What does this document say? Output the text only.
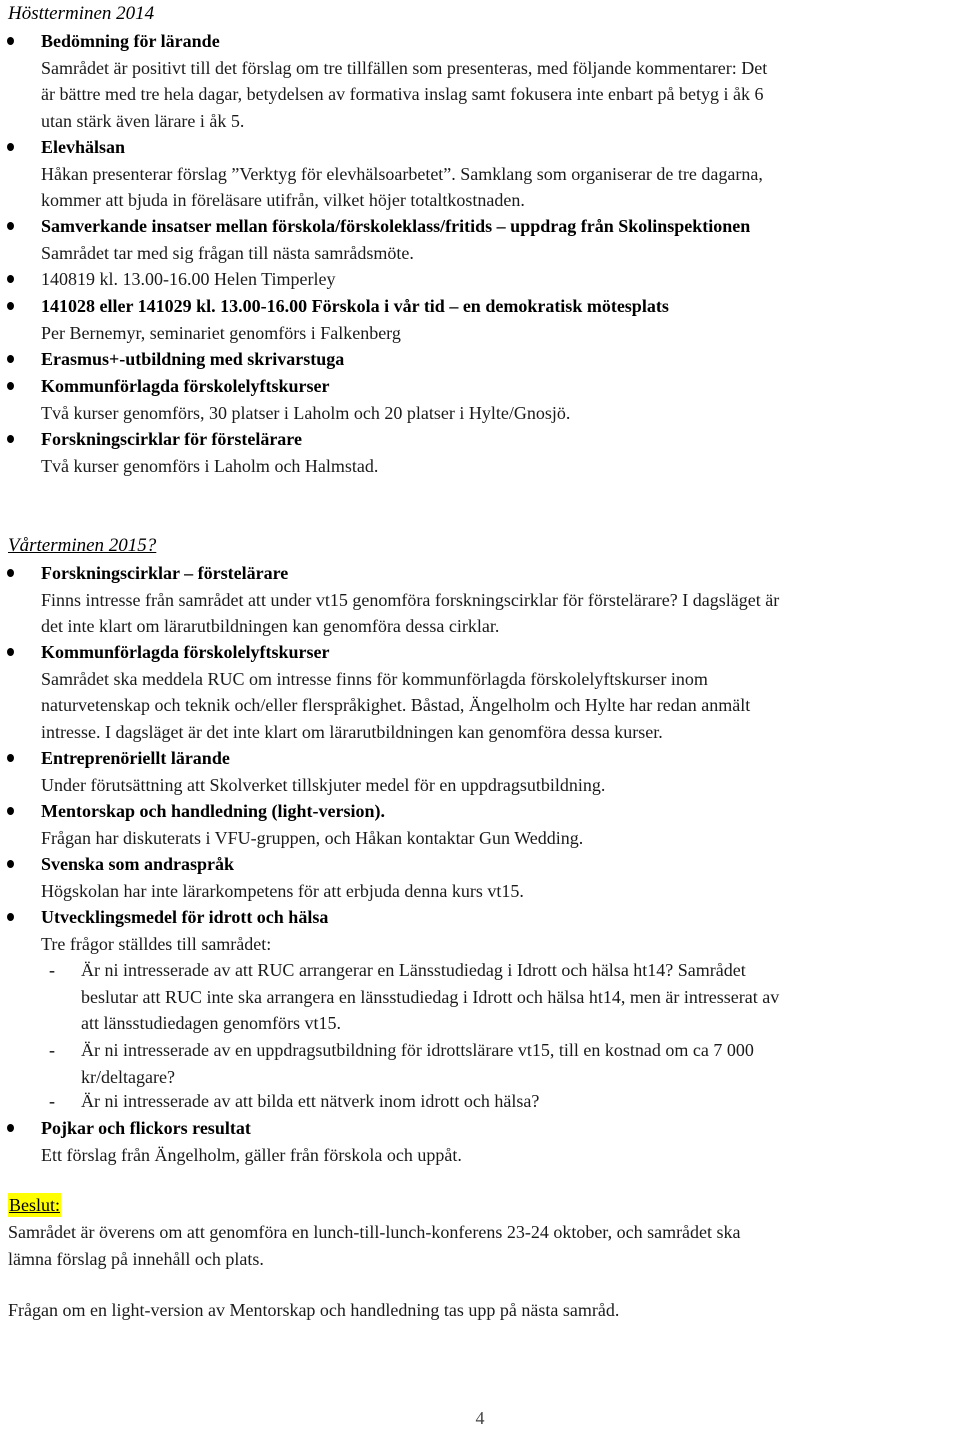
Höstterminen 2014
Bedömning för lärande
Samrådet är positivt till det förslag om tre tillfällen som presenteras, med följande kommentarer: Det
är bättre med tre hela dagar, betydelsen av formativa inslag samt fokusera inte enbart på betyg i åk 6
utan stärk även lärare i åk 5.
Elevhälsan
Håkan presenterar förslag ”Verktyg för elevhälsoarbetet”. Samklang som organiserar de tre dagarna,
kommer att bjuda in föreläsare utifrån, vilket höjer totaltkostnaden.
Samverkande insatser mellan förskola/förskoleklass/fritids – uppdrag från Skolinspektionen
Samrådet tar med sig frågan till nästa samrådsmöte.
140819 kl. 13.00-16.00 Helen Timperley
141028 eller 141029 kl. 13.00-16.00 Förskola i vår tid – en demokratisk mötesplats
Per Bernemyr, seminariet genomförs i Falkenberg
Erasmus+-utbildning med skrivarstuga
Kommunförlagda förskolelyftskurser
Två kurser genomförs, 30 platser i Laholm och 20 platser i Hylte/Gnosjö.
Forskningscirklar för förstelärare
Två kurser genomförs i Laholm och Halmstad.
Vårterminen 2015?
Forskningscirklar – förstelärare
Finns intresse från samrådet att under vt15 genomföra forskningscirklar för förstelärare? I dagsläget är
det inte klart om lärarutbildningen kan genomföra dessa cirklar.
Kommunförlagda förskolelyftskurser
Samrådet ska meddela RUC om intresse finns för kommunförlagda förskolelyftskurser inom
naturvetenskap och teknik och/eller flerspråkighet. Båstad, Ängelholm och Hylte har redan anmält
intresse. I dagsläget är det inte klart om lärarutbildningen kan genomföra dessa kurser.
Entreprenöriellt lärande
Under förutsättning att Skolverket tillskjuter medel för en uppdragsutbildning.
Mentorskap och handledning (light-version).
Frågan har diskuterats i VFU-gruppen, och Håkan kontaktar Gun Wedding.
Svenska som andraspråk
Högskolan har inte lärarkompetens för att erbjuda denna kurs vt15.
Utvecklingsmedel för idrott och hälsa
Tre frågor ställdes till samrådet:
- Är ni intresserade av att RUC arrangerar en Länsstudiedag i Idrott och hälsa ht14? Samrådet
beslutar att RUC inte ska arrangera en länsstudiedag i Idrott och hälsa ht14, men är intresserat av
att länsstudiedagen genomförs vt15.
- Är ni intresserade av en uppdragsutbildning för idrottslärare vt15, till en kostnad om ca 7 000
kr/deltagare?
- Är ni intresserade av att bilda ett nätverk inom idrott och hälsa?
Pojkar och flickors resultat
Ett förslag från Ängelholm, gäller från förskola och uppåt.
Beslut:
Samrådet är överens om att genomföra en lunch-till-lunch-konferens 23-24 oktober, och samrådet ska
lämna förslag på innehåll och plats.
Frågan om en light-version av Mentorskap och handledning tas upp på nästa samråd.
4
